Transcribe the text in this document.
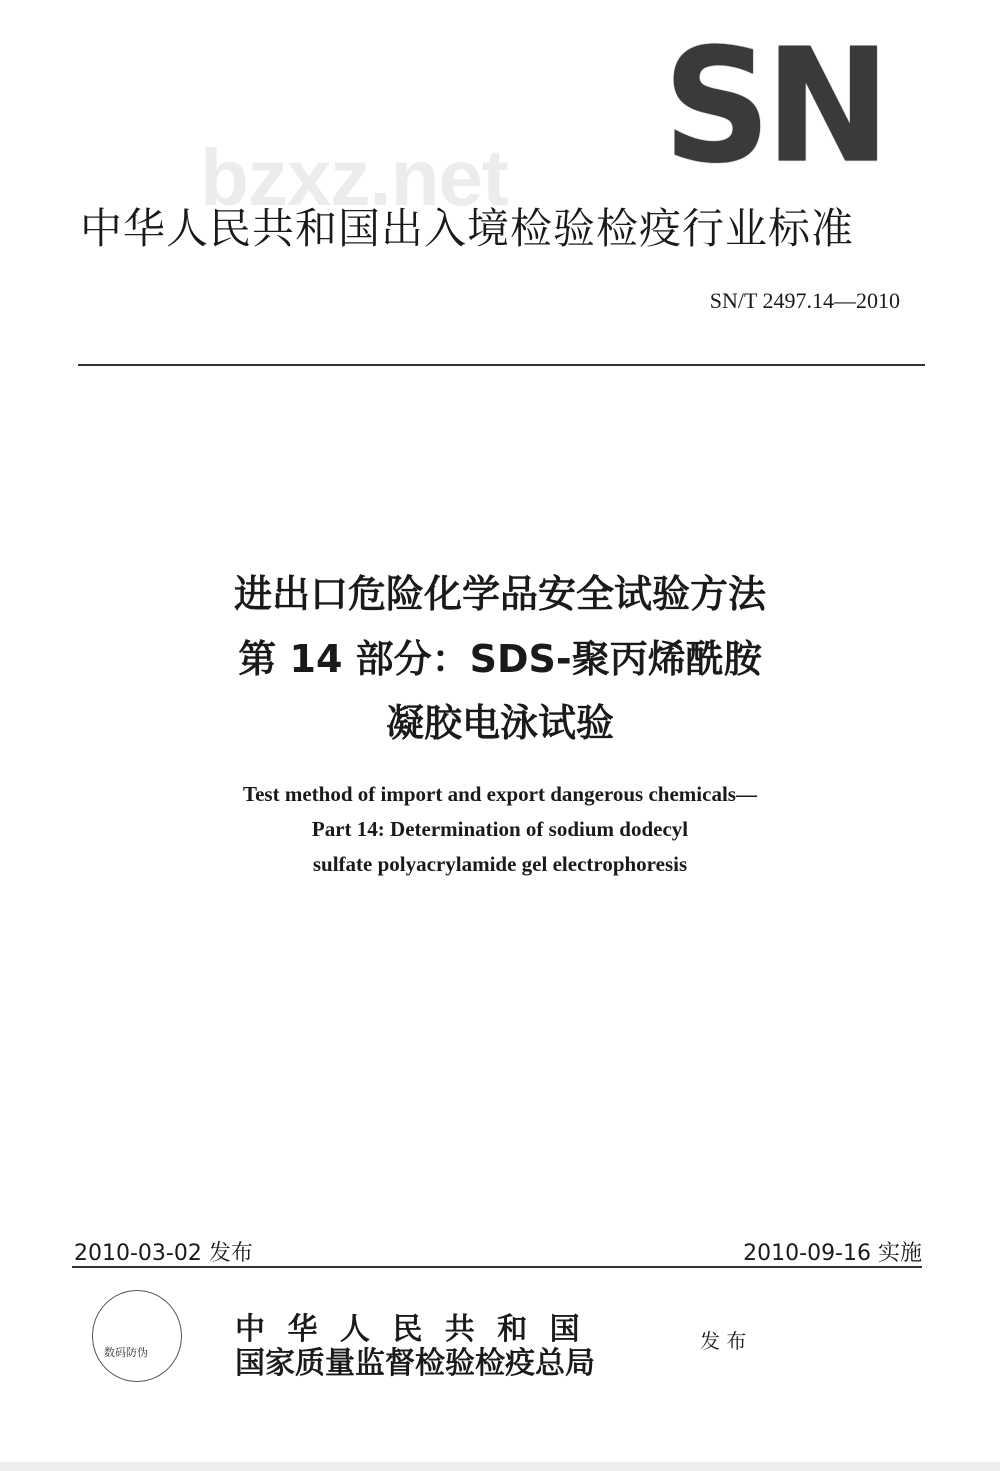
SN
bzxz.net
中华人民共和国出入境检验检疫行业标准
SN/T 2497.14—2010
进出口危险化学品安全试验方法
第 14 部分：SDS-聚丙烯酰胺
凝胶电泳试验
Test method of import and export dangerous chemicals—
Part 14: Determination of sodium dodecyl
sulfate polyacrylamide gel electrophoresis
2010-03-02 发布	2010-09-16 实施
数码防伪
中 华 人 民 共 和 国
国家质量监督检验检疫总局
发 布
